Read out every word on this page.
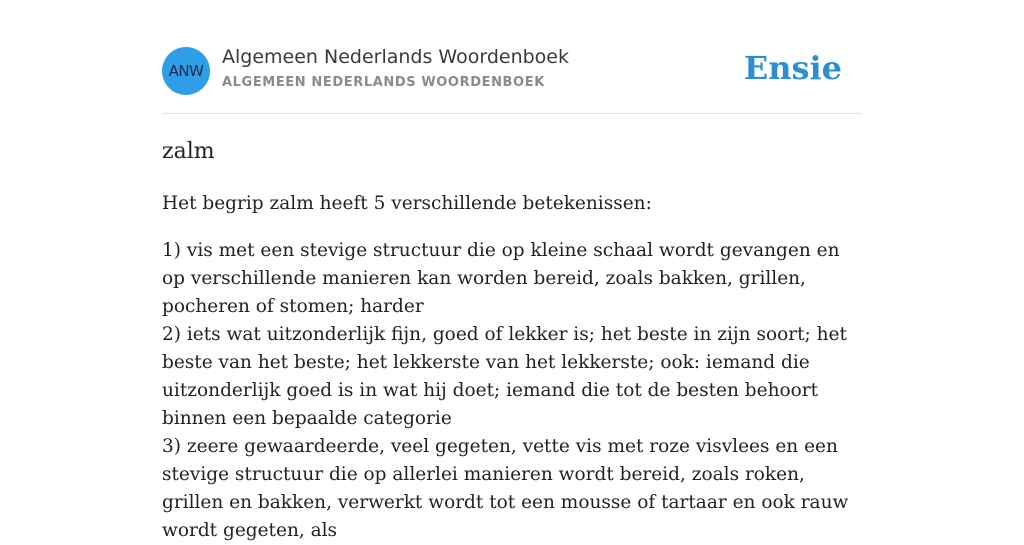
ANW
Algemeen Nederlands Woordenboek
ALGEMEEN NEDERLANDS WOORDENBOEK	Ensie
zalm

Het begrip zalm heeft 5 verschillende betekenissen:

1) vis met een stevige structuur die op kleine schaal wordt gevangen en op verschillende manieren kan worden bereid, zoals bakken, grillen, pocheren of stomen; harder
2) iets wat uitzonderlijk fijn, goed of lekker is; het beste in zijn soort; het beste van het beste; het lekkerste van het lekkerste; ook: iemand die uitzonderlijk goed is in wat hij doet; iemand die tot de besten behoort binnen een bepaalde categorie
3) zeere gewaardeerde, veel gegeten, vette vis met roze visvlees en een stevige structuur die op allerlei manieren wordt bereid, zoals roken, grillen en bakken, verwerkt wordt tot een mousse of tartaar en ook rauw wordt gegeten, als
